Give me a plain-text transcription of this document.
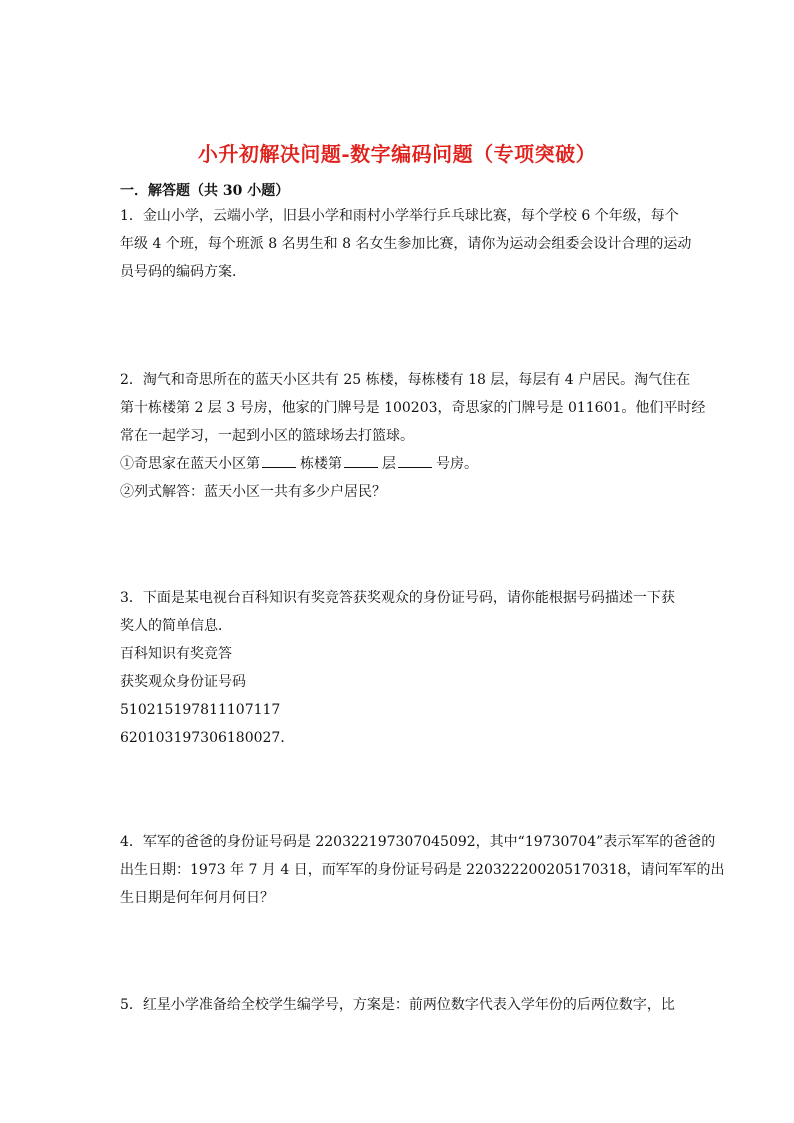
小升初解决问题-数字编码问题（专项突破）
一．解答题（共 30 小题）
1．金山小学，云端小学，旧县小学和雨村小学举行乒乓球比赛，每个学校 6 个年级，每个
年级 4 个班，每个班派 8 名男生和 8 名女生参加比赛，请你为运动会组委会设计合理的运动
员号码的编码方案．
2．淘气和奇思所在的蓝天小区共有 25 栋楼，每栋楼有 18 层，每层有 4 户居民。淘气住在
第十栋楼第 2 层 3 号房，他家的门牌号是 100203，奇思家的门牌号是 011601。他们平时经
常在一起学习，一起到小区的篮球场去打篮球。
①奇思家在蓝天小区第	栋楼第	层	号房。
②列式解答：蓝天小区一共有多少户居民？
3．下面是某电视台百科知识有奖竞答获奖观众的身份证号码，请你能根据号码描述一下获
奖人的简单信息．
百科知识有奖竞答
获奖观众身份证号码
510215197811107117
620103197306180027．
4．军军的爸爸的身份证号码是 220322197307045092，其中“19730704”表示军军的爸爸的
出生日期：1973 年 7 月 4 日，而军军的身份证号码是 220322200205170318，请问军军的出
生日期是何年何月何日？
5．红星小学准备给全校学生编学号，方案是：前两位数字代表入学年份的后两位数字，比
